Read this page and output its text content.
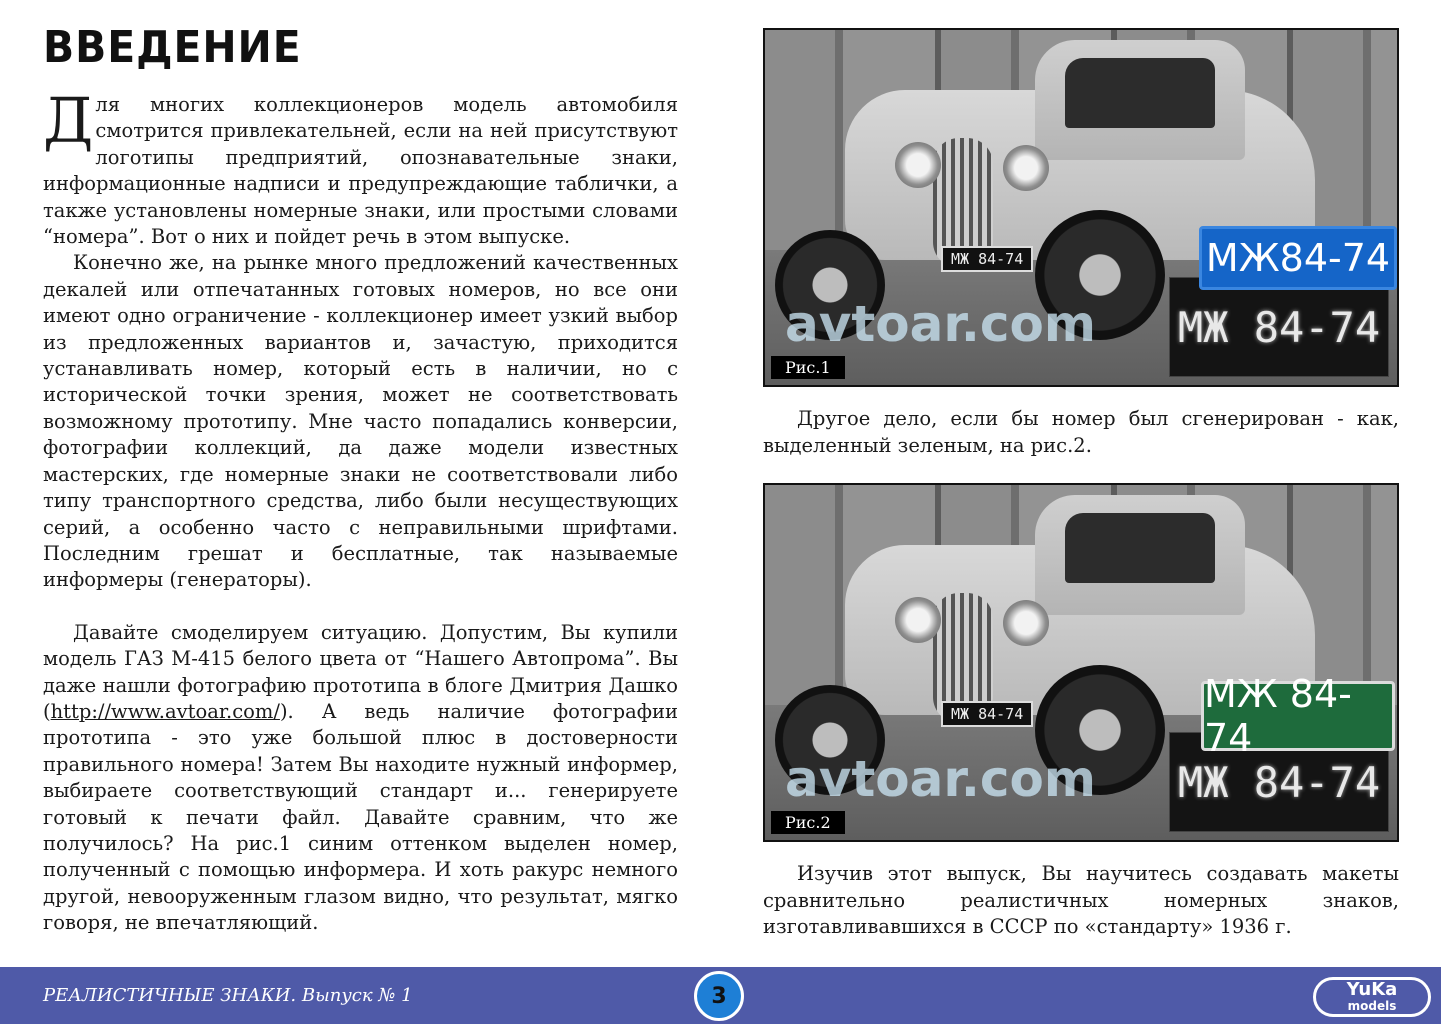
ВВЕДЕНИЕ

Для многих коллекционеров модель автомобиля смотрится привлекательней, если на ней присутствуют логотипы предприятий, опознавательные знаки, информационные надписи и предупреждающие таблички, а также установлены номерные знаки, или простыми словами “номера”. Вот о них и пойдет речь в этом выпуске.

Конечно же, на рынке много предложений качественных декалей или отпечатанных готовых номеров, но все они имеют одно ограничение - коллекционер имеет узкий выбор из предложенных вариантов и, зачастую, приходится устанавливать номер, который есть в наличии, но с исторической точки зрения, может не соответствовать возможному прототипу. Мне часто попадались конверсии, фотографии коллекций, да даже модели известных мастерских, где номерные знаки не соответствовали либо типу транспортного средства, либо были несуществующих серий, а особенно часто с неправильными шрифтами. Последним грешат и бесплатные, так называемые информеры (генераторы).

Давайте смоделируем ситуацию. Допустим, Вы купили модель ГАЗ М-415 белого цвета от “Нашего Автопрома”. Вы даже нашли фотографию прототипа в блоге Дмитрия Дашко (http://www.avtoar.com/). А ведь наличие фотографии прототипа - это уже большой плюс в достоверности правильного номера! Затем Вы находите нужный информер, выбираете соответствующий стандарт и... генерируете готовый к печати файл. Давайте сравним, что же получилось? На рис.1 синим оттенком выделен номер, полученный с помощью информера. И хоть ракурс немного другой, невооруженным глазом видно, что результат, мягко говоря, не впечатляющий.

МЖ 84-74
avtoar.com МЖ 84-74
МЖ84-74
Рис.1

Другое дело, если бы номер был сгенерирован - как, выделенный зеленым, на рис.2.

МЖ 84-74
avtoar.com МЖ 84-74
МЖ 84-74
Рис.2

Изучив этот выпуск, Вы научитесь создавать макеты сравнительно реалистичных номерных знаков, изготавливавшихся в СССР по «стандарту» 1936 г.

РЕАЛИСТИЧНЫЕ ЗНАКИ. Выпуск № 1	3	YuKa
models
